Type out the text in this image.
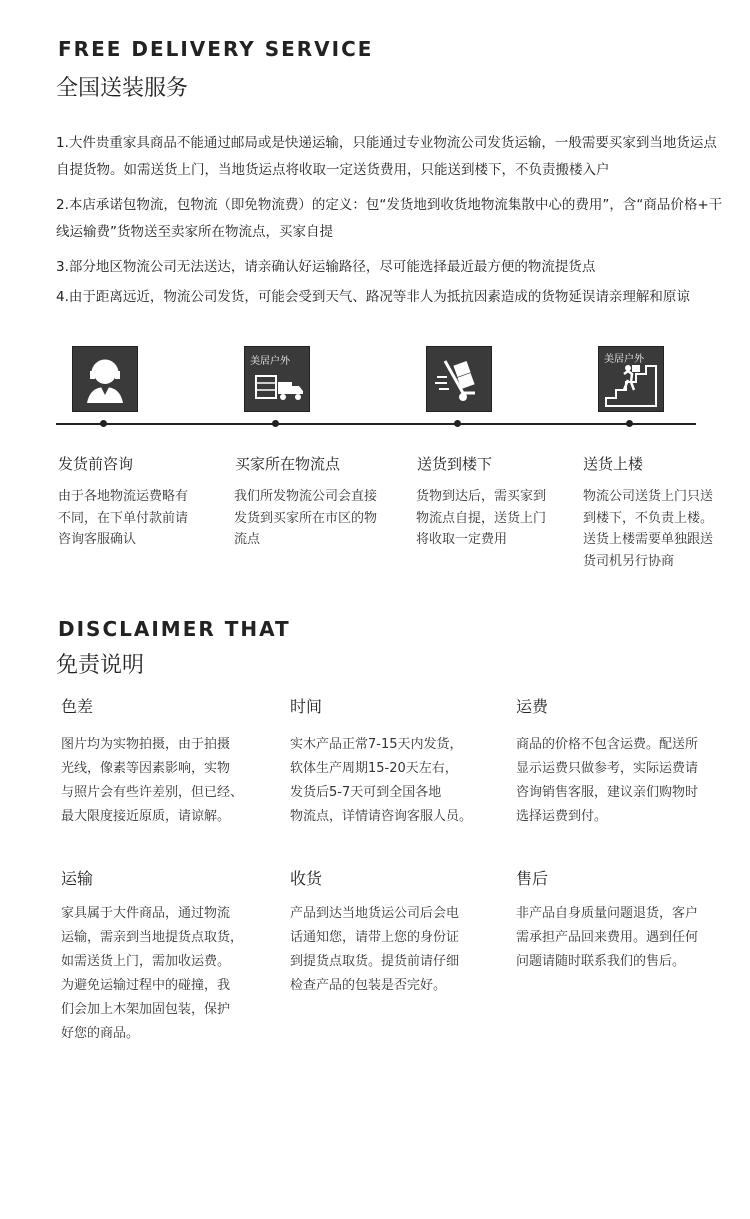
FREE DELIVERY SERVICE
全国送装服务

1.大件贵重家具商品不能通过邮局或是快递运输，只能通过专业物流公司发货运输，一般需要买家到当地货运点自提货物。如需送货上门，当地货运点将收取一定送货费用，只能送到楼下，不负责搬楼入户

2.本店承诺包物流，包物流（即免物流费）的定义：包“发货地到收货地物流集散中心的费用”，含“商品价格+干线运输费”货物送至卖家所在物流点，买家自提

3.部分地区物流公司无法送达，请亲确认好运输路径，尽可能选择最近最方便的物流提货点

4.由于距离远近，物流公司发货，可能会受到天气、路况等非人为抵抗因素造成的货物延误请亲理解和原谅

美居户外	美居户外
发货前咨询
由于各地物流运费略有不同，在下单付款前请咨询客服确认
买家所在物流点
我们所发物流公司会直接发货到买家所在市区的物流点
送货到楼下
货物到达后，需买家到物流点自提，送货上门将收取一定费用
送货上楼
物流公司送货上门只送到楼下，不负责上楼。送货上楼需要单独跟送货司机另行协商
DISCLAIMER THAT
免责说明
色差
图片均为实物拍摄，由于拍摄
光线，像素等因素影响，实物
与照片会有些许差别，但已经、
最大限度接近原质，请谅解。
时间
实木产品正常7-15天内发货，
软体生产周期15-20天左右，
发货后5-7天可到全国各地
物流点，详情请咨询客服人员。
运费
商品的价格不包含运费。配送所
显示运费只做参考，实际运费请
咨询销售客服，建议亲们购物时
选择运费到付。
运输
家具属于大件商品，通过物流
运输，需亲到当地提货点取货，
如需送货上门，需加收运费。
为避免运输过程中的碰撞，我
们会加上木架加固包装，保护
好您的商品。
收货
产品到达当地货运公司后会电
话通知您，请带上您的身份证
到提货点取货。提货前请仔细
检查产品的包装是否完好。
售后
非产品自身质量问题退货，客户
需承担产品回来费用。遇到任何
问题请随时联系我们的售后。
